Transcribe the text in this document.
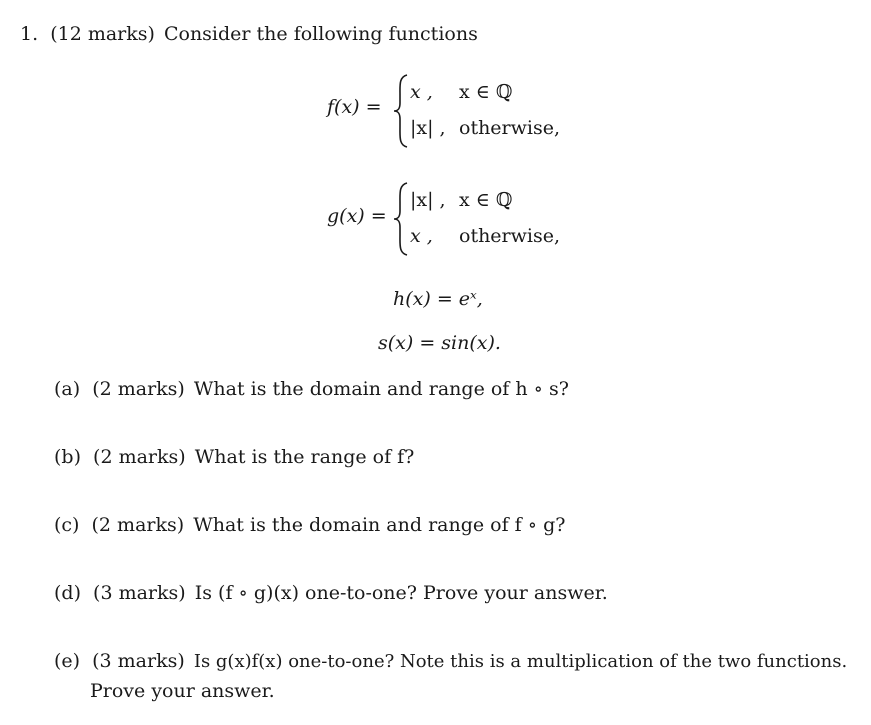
1. (12 marks) Consider the following functions
f(x) =
x , x ∈ ℚ
|x| , otherwise,
g(x) =
|x| , x ∈ ℚ
x , otherwise,
h(x) = eˣ,
s(x) = sin(x).
(a) (2 marks) What is the domain and range of h ∘ s?
(b) (2 marks) What is the range of f?
(c) (2 marks) What is the domain and range of f ∘ g?
(d) (3 marks) Is (f ∘ g)(x) one-to-one? Prove your answer.
(e) (3 marks) Is g(x)f(x) one-to-one? Note this is a multiplication of the two functions.
Prove your answer.
